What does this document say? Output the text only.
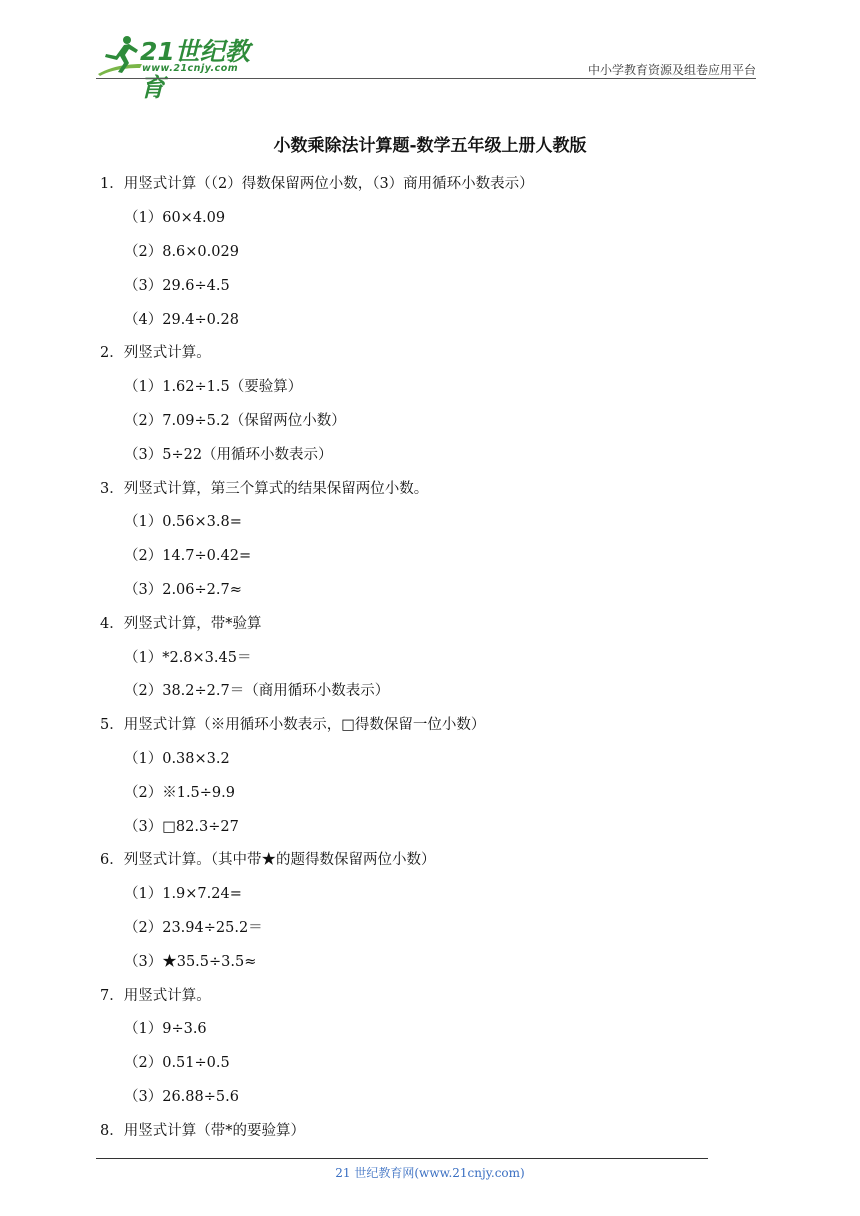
21世纪教育
www.21cnjy.com	中小学教育资源及组卷应用平台
小数乘除法计算题-数学五年级上册人教版
1．用竖式计算（（2）得数保留两位小数，（3）商用循环小数表示）
（1）60×4.09
（2）8.6×0.029
（3）29.6÷4.5
（4）29.4÷0.28
2．列竖式计算。
（1）1.62÷1.5（要验算）
（2）7.09÷5.2（保留两位小数）
（3）5÷22（用循环小数表示）
3．列竖式计算，第三个算式的结果保留两位小数。
（1）0.56×3.8=
（2）14.7÷0.42=
（3）2.06÷2.7≈
4．列竖式计算，带*验算
（1）*2.8×3.45＝
（2）38.2÷2.7＝（商用循环小数表示）
5．用竖式计算（※用循环小数表示，□得数保留一位小数）
（1）0.38×3.2
（2）※1.5÷9.9
（3）□82.3÷27
6．列竖式计算。（其中带★的题得数保留两位小数）
（1）1.9×7.24=
（2）23.94÷25.2＝
（3）★35.5÷3.5≈
7．用竖式计算。
（1）9÷3.6
（2）0.51÷0.5
（3）26.88÷5.6
8．用竖式计算（带*的要验算）
21 世纪教育网(www.21cnjy.com)
